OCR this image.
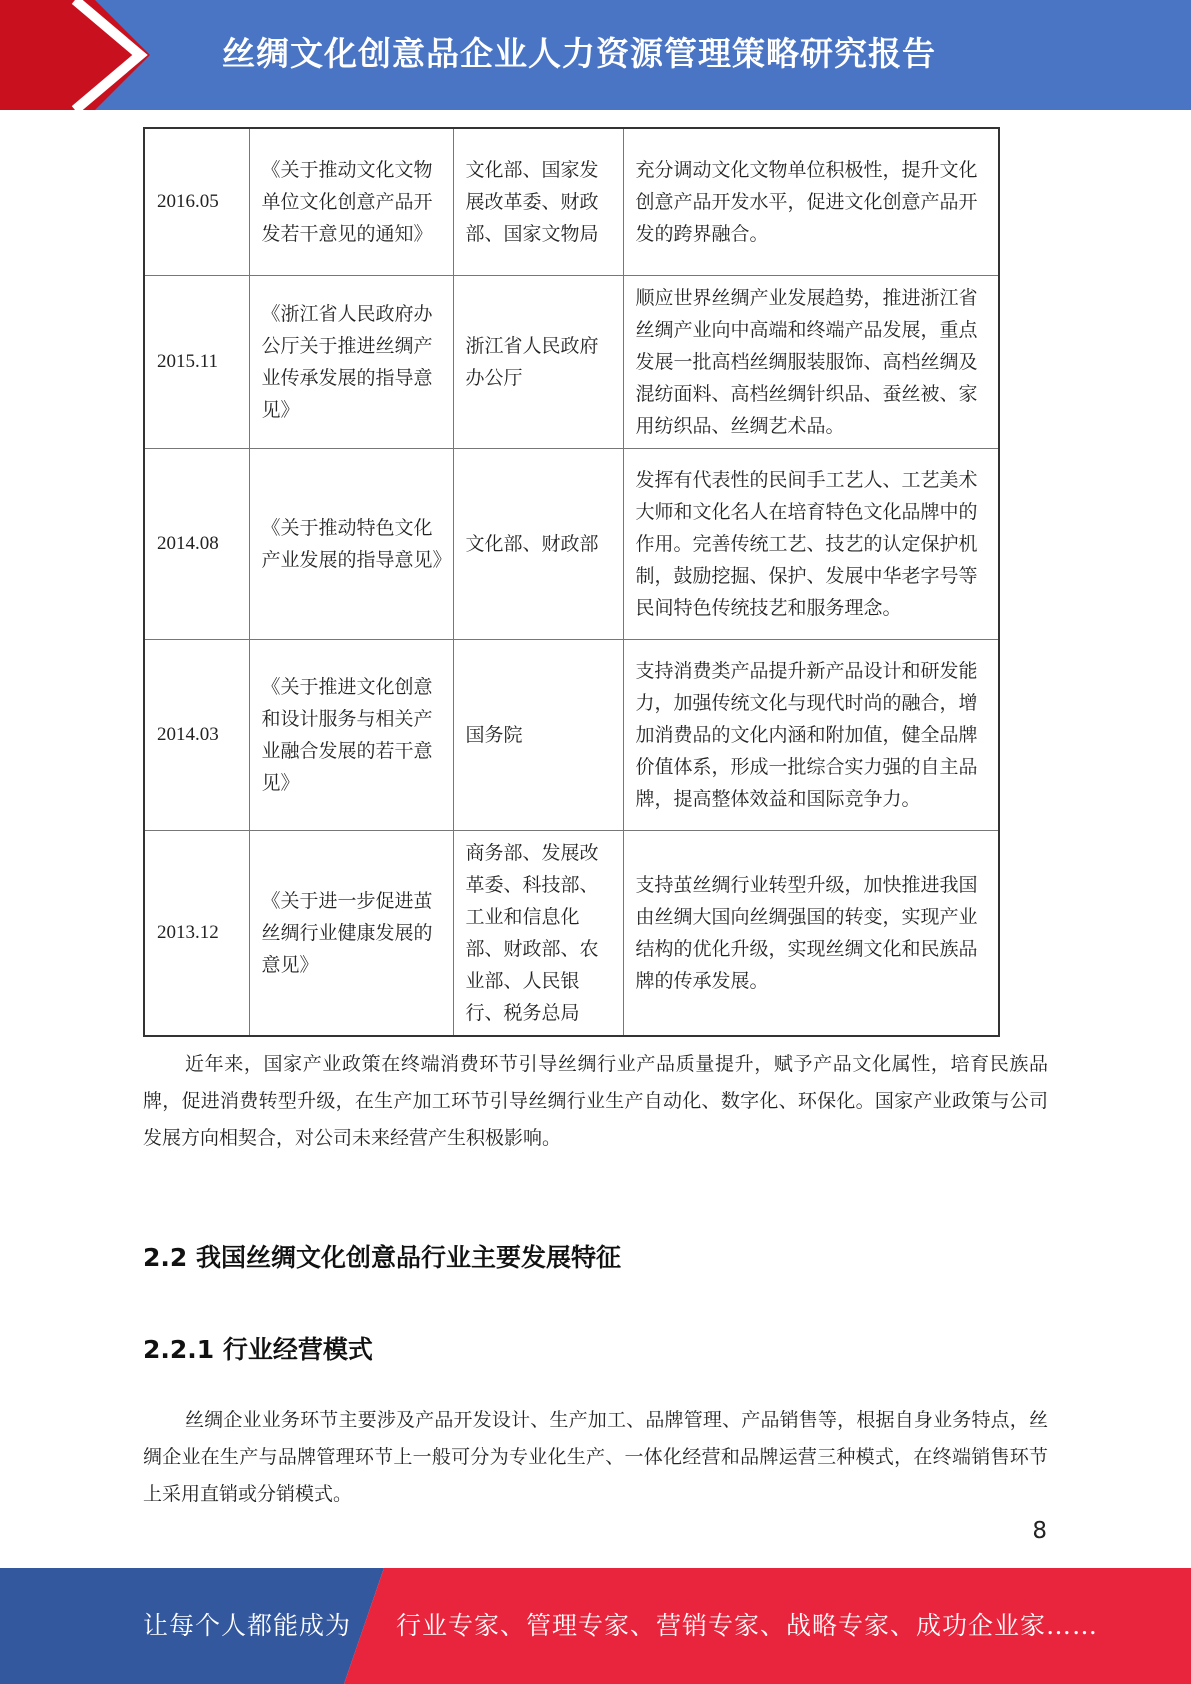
丝绸文化创意品企业人力资源管理策略研究报告
2016.05	《关于推动文化文物单位文化创意产品开发若干意见的通知》	文化部、国家发展改革委、财政部、国家文物局	充分调动文化文物单位积极性，提升文化创意产品开发水平，促进文化创意产品开发的跨界融合。
2015.11	《浙江省人民政府办公厅关于推进丝绸产业传承发展的指导意见》	浙江省人民政府办公厅	顺应世界丝绸产业发展趋势，推进浙江省丝绸产业向中高端和终端产品发展，重点发展一批高档丝绸服装服饰、高档丝绸及混纺面料、高档丝绸针织品、蚕丝被、家用纺织品、丝绸艺术品。
2014.08	《关于推动特色文化产业发展的指导意见》	文化部、财政部	发挥有代表性的民间手工艺人、工艺美术大师和文化名人在培育特色文化品牌中的作用。完善传统工艺、技艺的认定保护机制，鼓励挖掘、保护、发展中华老字号等民间特色传统技艺和服务理念。
2014.03	《关于推进文化创意和设计服务与相关产业融合发展的若干意见》	国务院	支持消费类产品提升新产品设计和研发能力，加强传统文化与现代时尚的融合，增加消费品的文化内涵和附加值，健全品牌价值体系，形成一批综合实力强的自主品牌，提高整体效益和国际竞争力。
2013.12	《关于进一步促进茧丝绸行业健康发展的意见》	商务部、发展改革委、科技部、工业和信息化部、财政部、农业部、人民银行、税务总局	支持茧丝绸行业转型升级，加快推进我国由丝绸大国向丝绸强国的转变，实现产业结构的优化升级，实现丝绸文化和民族品牌的传承发展。

近年来，国家产业政策在终端消费环节引导丝绸行业产品质量提升，赋予产品文化属性，培育民族品牌，促进消费转型升级，在生产加工环节引导丝绸行业生产自动化、数字化、环保化。国家产业政策与公司发展方向相契合，对公司未来经营产生积极影响。

2.2 我国丝绸文化创意品行业主要发展特征
2.2.1 行业经营模式

丝绸企业业务环节主要涉及产品开发设计、生产加工、品牌管理、产品销售等，根据自身业务特点，丝绸企业在生产与品牌管理环节上一般可分为专业化生产、一体化经营和品牌运营三种模式，在终端销售环节上采用直销或分销模式。

8
让每个人都能成为 行业专家、管理专家、营销专家、战略专家、成功企业家……
